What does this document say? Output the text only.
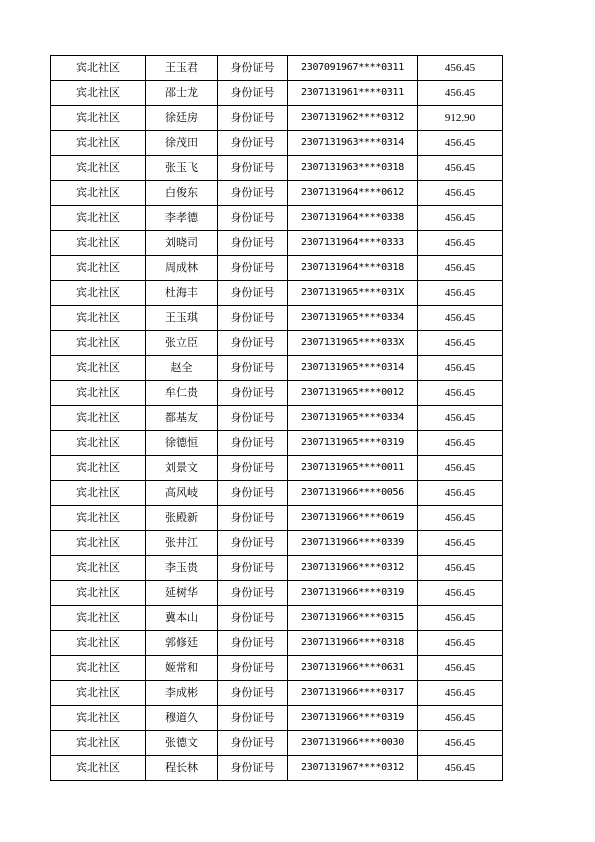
宾北社区	王玉君	身份证号	2307091967****0311	456.45
宾北社区	邵士龙	身份证号	2307131961****0311	456.45
宾北社区	徐廷房	身份证号	2307131962****0312	912.90
宾北社区	徐茂田	身份证号	2307131963****0314	456.45
宾北社区	张玉飞	身份证号	2307131963****0318	456.45
宾北社区	白俊东	身份证号	2307131964****0612	456.45
宾北社区	李孝德	身份证号	2307131964****0338	456.45
宾北社区	刘晓司	身份证号	2307131964****0333	456.45
宾北社区	周成林	身份证号	2307131964****0318	456.45
宾北社区	杜海丰	身份证号	2307131965****031X	456.45
宾北社区	王玉琪	身份证号	2307131965****0334	456.45
宾北社区	张立臣	身份证号	2307131965****033X	456.45
宾北社区	赵全	身份证号	2307131965****0314	456.45
宾北社区	牟仁贵	身份证号	2307131965****0012	456.45
宾北社区	都基友	身份证号	2307131965****0334	456.45
宾北社区	徐德恒	身份证号	2307131965****0319	456.45
宾北社区	刘景文	身份证号	2307131965****0011	456.45
宾北社区	高风岐	身份证号	2307131966****0056	456.45
宾北社区	张殿新	身份证号	2307131966****0619	456.45
宾北社区	张井江	身份证号	2307131966****0339	456.45
宾北社区	李玉贵	身份证号	2307131966****0312	456.45
宾北社区	延树华	身份证号	2307131966****0319	456.45
宾北社区	冀本山	身份证号	2307131966****0315	456.45
宾北社区	郭修廷	身份证号	2307131966****0318	456.45
宾北社区	姬常和	身份证号	2307131966****0631	456.45
宾北社区	李成彬	身份证号	2307131966****0317	456.45
宾北社区	穆道久	身份证号	2307131966****0319	456.45
宾北社区	张德文	身份证号	2307131966****0030	456.45
宾北社区	程长林	身份证号	2307131967****0312	456.45
